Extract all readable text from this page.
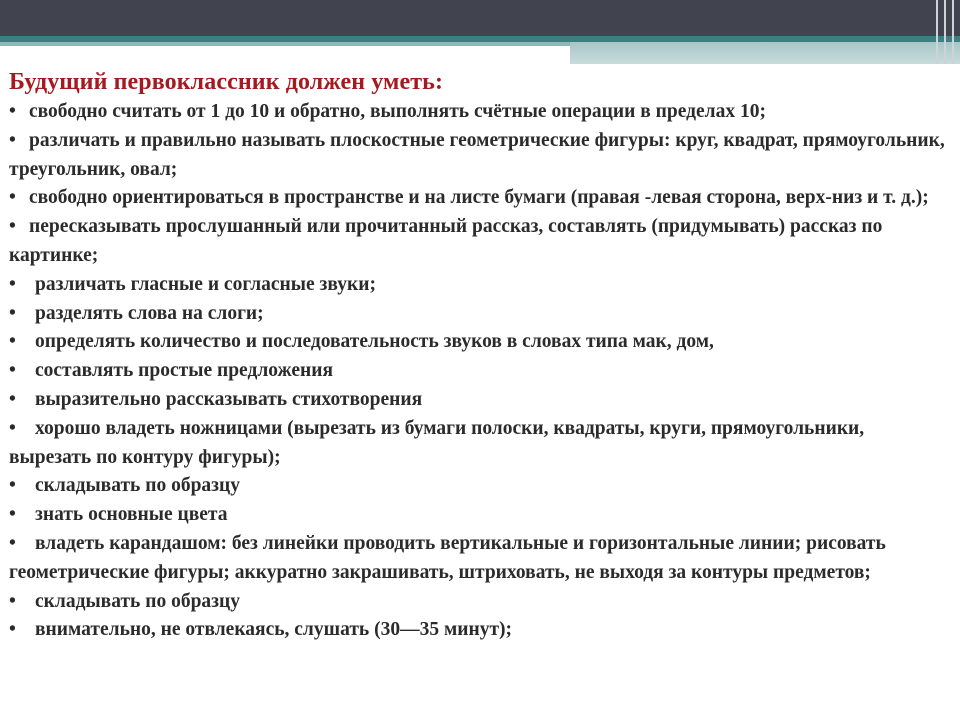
Будущий первоклассник должен уметь:
• свободно считать от 1 до 10 и обратно, выполнять счётные операции в пределах 10;
• различать и правильно называть плоскостные геометрические фигуры: круг, квадрат, прямоугольник, треугольник, овал;
• свободно ориентироваться в пространстве и на листе бумаги (правая -левая сторона, верх-низ и т. д.);
• пересказывать прослушанный или прочитанный рассказ, составлять (придумывать) рассказ по картинке;
• различать гласные и согласные звуки;
• разделять слова на слоги;
• определять количество и последовательность звуков в словах типа мак, дом,
• составлять простые предложения
• выразительно рассказывать стихотворения
• хорошо владеть ножницами (вырезать из бумаги полоски, квадраты, круги, прямоугольники, вырезать по контуру фигуры);
• складывать по образцу
• знать основные цвета
• владеть карандашом: без линейки проводить вертикальные и горизонтальные линии; рисовать геометрические фигуры; аккуратно закрашивать, штриховать, не выходя за контуры предметов;
• складывать по образцу
• внимательно, не отвлекаясь, слушать (30—35 минут);
